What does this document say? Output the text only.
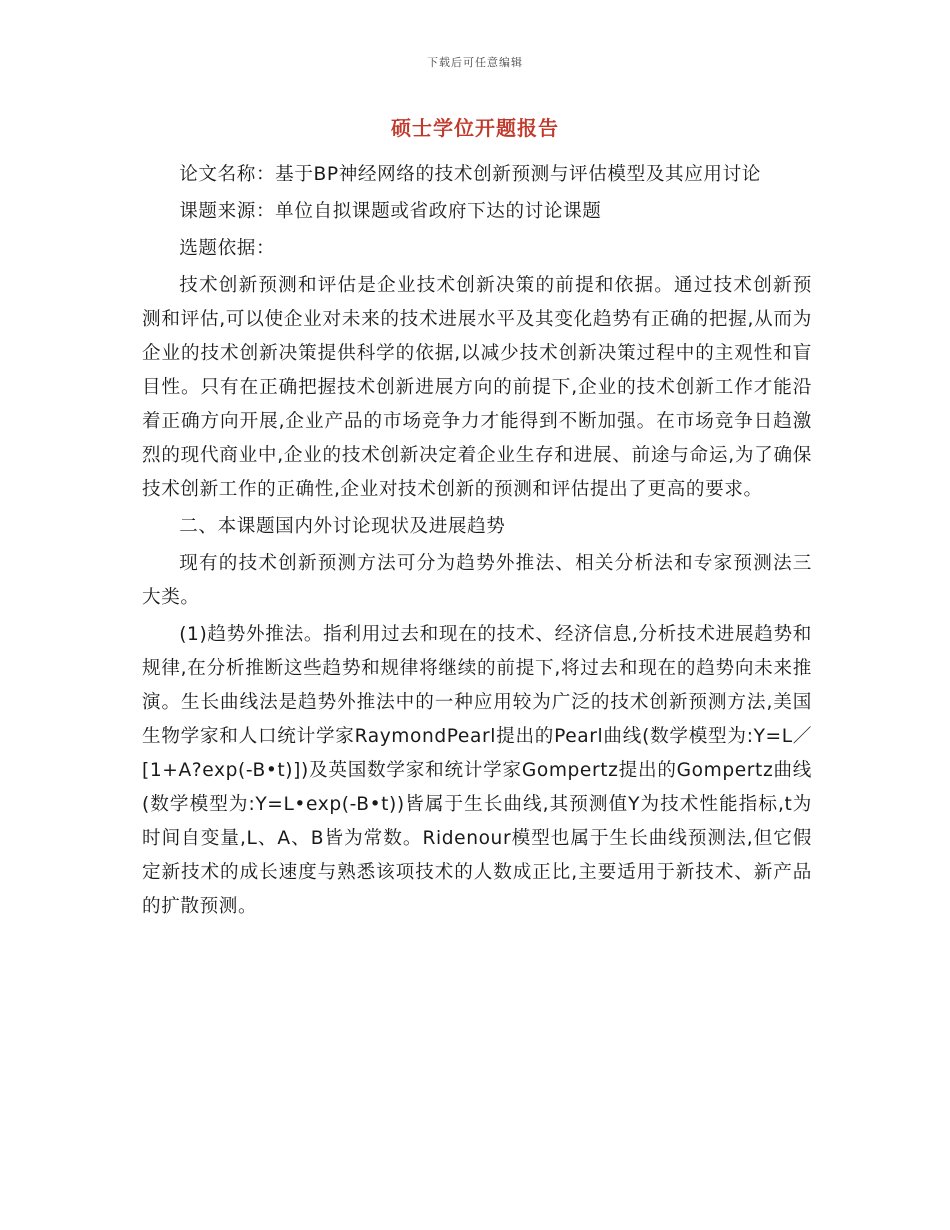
下载后可任意编辑
硕士学位开题报告

论文名称：基于BP神经网络的技术创新预测与评估模型及其应用讨论

课题来源：单位自拟课题或省政府下达的讨论课题

选题依据：

技术创新预测和评估是企业技术创新决策的前提和依据。通过技术创新预测和评估,可以使企业对未来的技术进展水平及其变化趋势有正确的把握,从而为企业的技术创新决策提供科学的依据,以减少技术创新决策过程中的主观性和盲目性。只有在正确把握技术创新进展方向的前提下,企业的技术创新工作才能沿着正确方向开展,企业产品的市场竞争力才能得到不断加强。在市场竞争日趋激烈的现代商业中,企业的技术创新决定着企业生存和进展、前途与命运,为了确保技术创新工作的正确性,企业对技术创新的预测和评估提出了更高的要求。

二、本课题国内外讨论现状及进展趋势

现有的技术创新预测方法可分为趋势外推法、相关分析法和专家预测法三大类。

(1)趋势外推法。指利用过去和现在的技术、经济信息,分析技术进展趋势和规律,在分析推断这些趋势和规律将继续的前提下,将过去和现在的趋势向未来推演。生长曲线法是趋势外推法中的一种应用较为广泛的技术创新预测方法,美国生物学家和人口统计学家RaymondPearl提出的Pearl曲线(数学模型为:Y=L／[1+A?exp(-B•t)])及英国数学家和统计学家Gompertz提出的Gompertz曲线(数学模型为:Y=L•exp(-B•t))皆属于生长曲线,其预测值Y为技术性能指标,t为时间自变量,L、A、B皆为常数。Ridenour模型也属于生长曲线预测法,但它假定新技术的成长速度与熟悉该项技术的人数成正比,主要适用于新技术、新产品的扩散预测。
